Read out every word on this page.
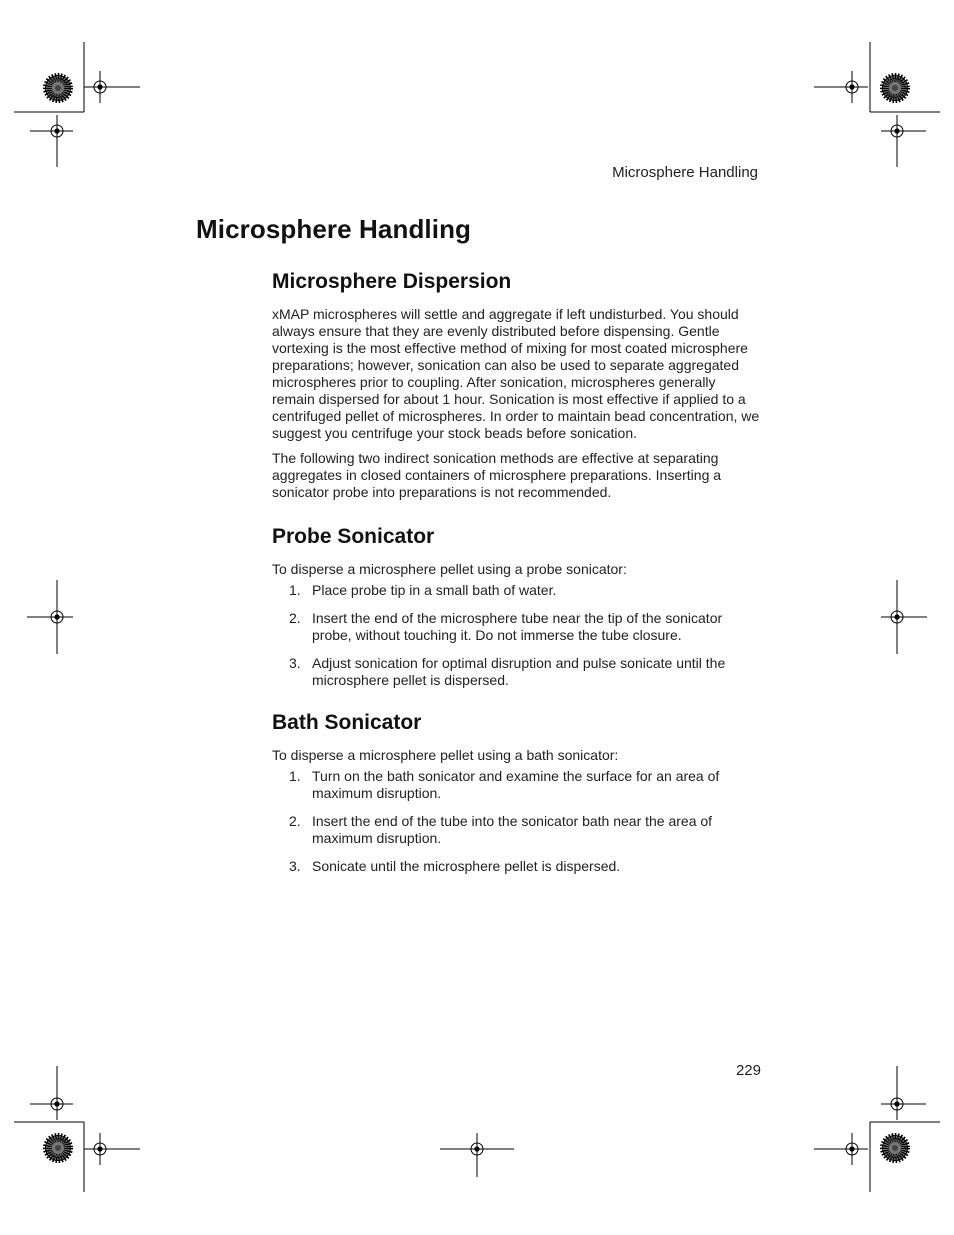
Microsphere Handling
Microsphere Handling
Microsphere Dispersion

xMAP microspheres will settle and aggregate if left undisturbed. You should always ensure that they are evenly distributed before dispensing. Gentle vortexing is the most effective method of mixing for most coated microsphere preparations; however, sonication can also be used to separate aggregated microspheres prior to coupling. After sonication, microspheres generally remain dispersed for about 1 hour. Sonication is most effective if applied to a centrifuged pellet of microspheres. In order to maintain bead concentration, we suggest you centrifuge your stock beads before sonication.

The following two indirect sonication methods are effective at separating aggregates in closed containers of microsphere preparations. Inserting a sonicator probe into preparations is not recommended.

Probe Sonicator

To disperse a microsphere pellet using a probe sonicator:

1. Place probe tip in a small bath of water.
2. Insert the end of the microsphere tube near the tip of the sonicator probe, without touching it. Do not immerse the tube closure.
3. Adjust sonication for optimal disruption and pulse sonicate until the microsphere pellet is dispersed.
Bath Sonicator

To disperse a microsphere pellet using a bath sonicator:

1. Turn on the bath sonicator and examine the surface for an area of maximum disruption.
2. Insert the end of the tube into the sonicator bath near the area of maximum disruption.
3. Sonicate until the microsphere pellet is dispersed.
229
